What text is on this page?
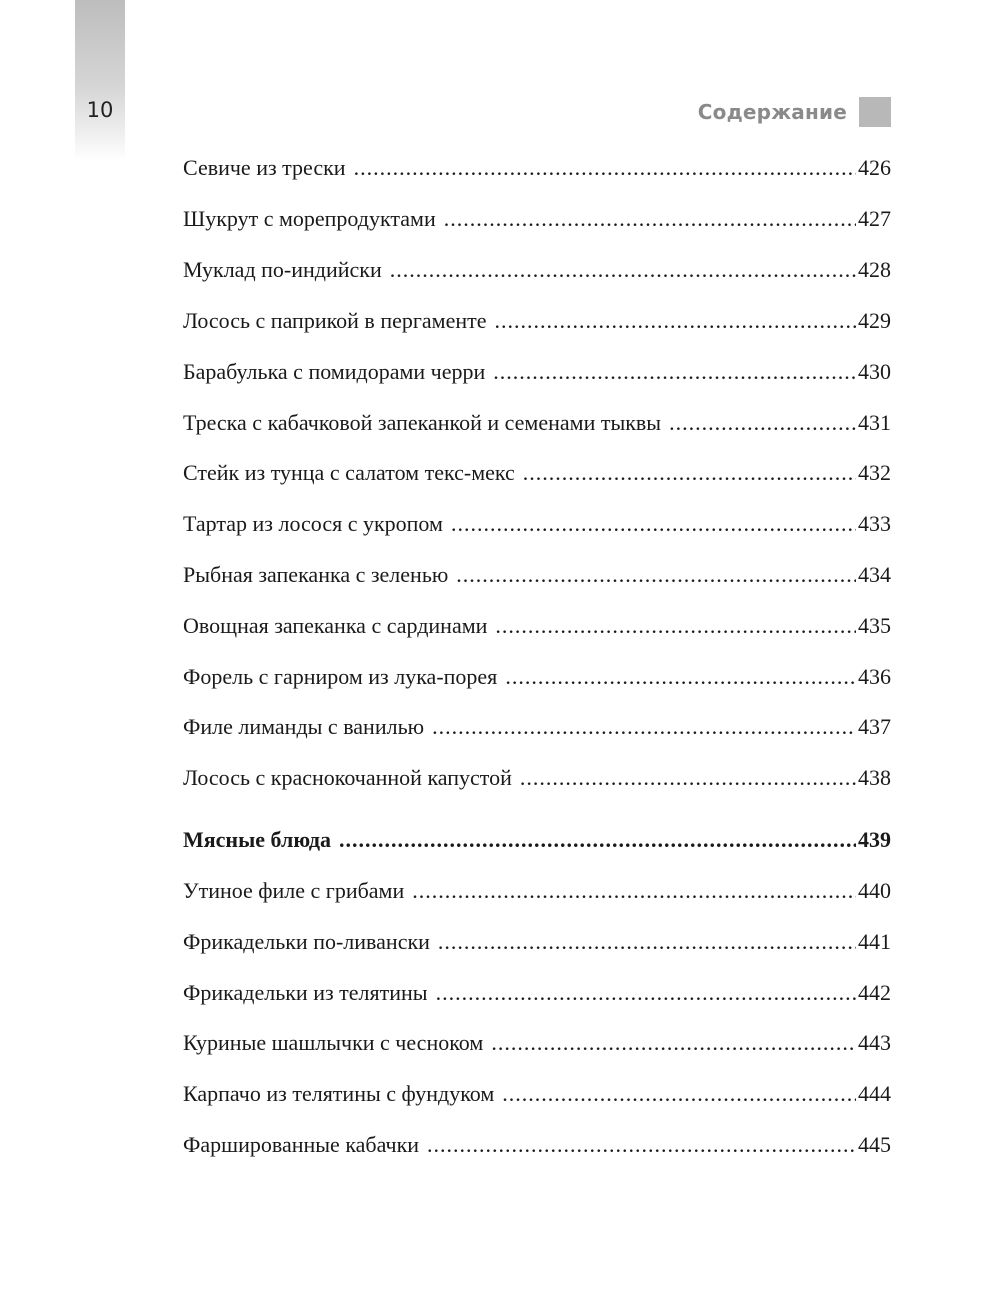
10	Содержание
Севиче из трески .....	426
Шукрут с морепродуктами .....	427
Муклад по-индийски .....	428
Лосось с паприкой в пергаменте .....	429
Барабулька с помидорами черри .....	430
Треска с кабачковой запеканкой и семенами тыквы .....	431
Стейк из тунца с салатом текс-мекс .....	432
Тартар из лосося с укропом .....	433
Рыбная запеканка с зеленью .....	434
Овощная запеканка с сардинами .....	435
Форель с гарниром из лука-порея .....	436
Филе лиманды с ванилью .....	437
Лосось с краснокочанной капустой .....	438
Мясные блюда .....	439
Утиное филе с грибами .....	440
Фрикадельки по-ливански .....	441
Фрикадельки из телятины .....	442
Куриные шашлычки с чесноком .....	443
Карпачо из телятины с фундуком .....	444
Фаршированные кабачки .....	445
